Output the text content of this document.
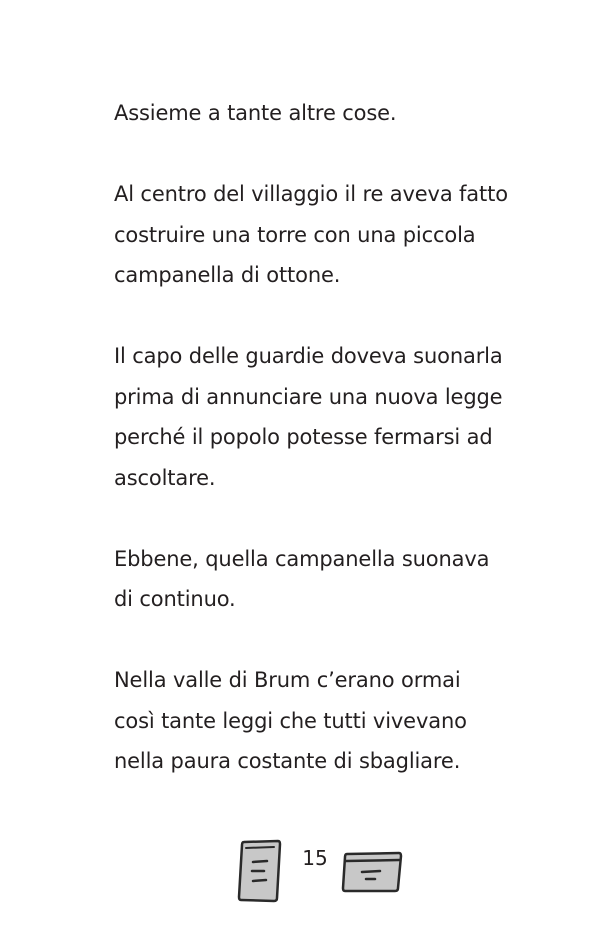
Assieme a tante altre cose.

Al centro del villaggio il re aveva fatto
costruire una torre con una piccola
campanella di ottone.

Il capo delle guardie doveva suonarla
prima di annunciare una nuova legge
perché il popolo potesse fermarsi ad
ascoltare.

Ebbene, quella campanella suonava
di continuo.

Nella valle di Brum c’erano ormai
così tante leggi che tutti vivevano
nella paura costante di sbagliare.

15
